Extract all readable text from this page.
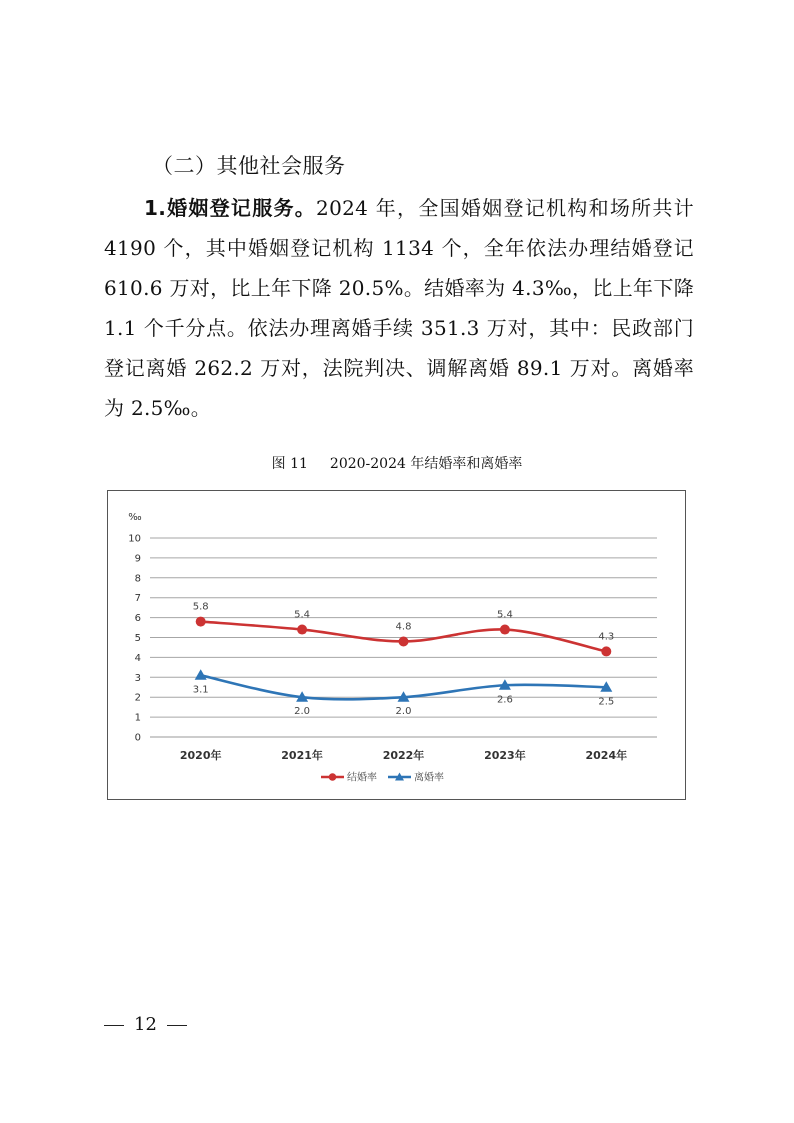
（二）其他社会服务

1.婚姻登记服务。2024 年，全国婚姻登记机构和场所共计 4190 个，其中婚姻登记机构 1134 个，全年依法办理结婚登记 610.6 万对，比上年下降 20.5%。结婚率为 4.3‰，比上年下降 1.1 个千分点。依法办理离婚手续 351.3 万对，其中：民政部门登记离婚 262.2 万对，法院判决、调解离婚 89.1 万对。离婚率为 2.5‰。

图 11 2020-2024 年结婚率和离婚率
‰
0
1
2
3
4
5
6
7
8
9
10
2020年	2021年	2022年	2023年	2024年
5.8
5.4
4.8
5.4
4.3
3.1
2.0	2.0
2.6	2.5
结婚率	离婚率
12
